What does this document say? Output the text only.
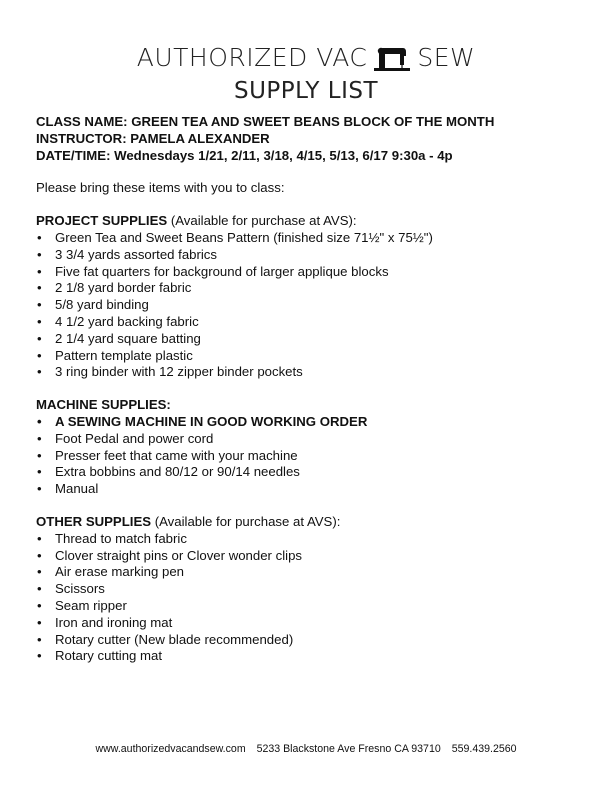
AUTHORIZED VAC SEW
SUPPLY LIST
CLASS NAME: GREEN TEA AND SWEET BEANS BLOCK OF THE MONTH
INSTRUCTOR: PAMELA ALEXANDER
DATE/TIME: Wednesdays 1/21, 2/11, 3/18, 4/15, 5/13, 6/17 9:30a - 4p
Please bring these items with you to class:
PROJECT SUPPLIES (Available for purchase at AVS):
• Green Tea and Sweet Beans Pattern (finished size 71½" x 75½")
• 3 3/4 yards assorted fabrics
• Five fat quarters for background of larger applique blocks
• 2 1/8 yard border fabric
• 5/8 yard binding
• 4 1/2 yard backing fabric
• 2 1/4 yard square batting
• Pattern template plastic
• 3 ring binder with 12 zipper binder pockets
MACHINE SUPPLIES:
• A SEWING MACHINE IN GOOD WORKING ORDER
• Foot Pedal and power cord
• Presser feet that came with your machine
• Extra bobbins and 80/12 or 90/14 needles
• Manual
OTHER SUPPLIES (Available for purchase at AVS):
• Thread to match fabric
• Clover straight pins or Clover wonder clips
• Air erase marking pen
• Scissors
• Seam ripper
• Iron and ironing mat
• Rotary cutter (New blade recommended)
• Rotary cutting mat
www.authorizedvacandsew.com 5233 Blackstone Ave Fresno CA 93710 559.439.2560
